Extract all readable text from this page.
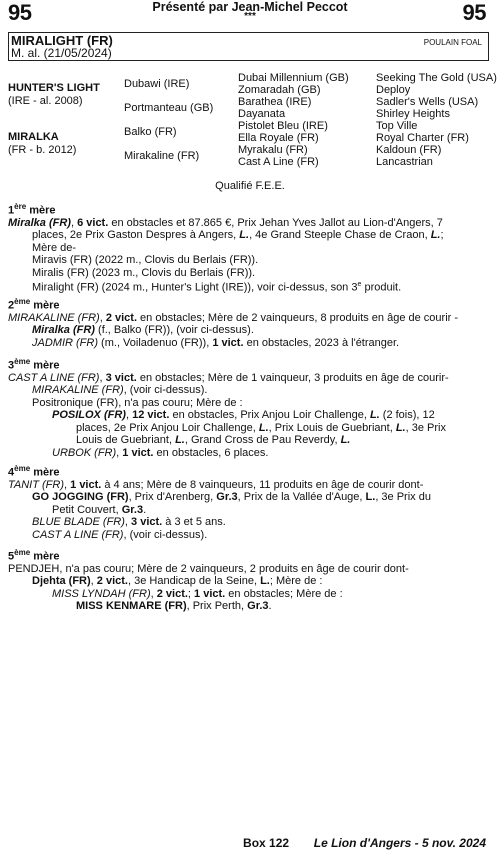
95	95
Présenté par Jean-Michel Peccot
***
MIRALIGHT (FR)
M. al. (21/05/2024)
POULAIN FOAL
HUNTER'S LIGHT
(IRE - al. 2008)
MIRALKA
(FR - b. 2012)
Dubawi (IRE)
Portmanteau (GB)
Balko (FR)
Mirakaline (FR)
Dubai Millennium (GB)
Zomaradah (GB)
Barathea (IRE)
Dayanata
Pistolet Bleu (IRE)
Ella Royale (FR)
Myrakalu (FR)
Cast A Line (FR)
Seeking The Gold (USA)
Deploy
Sadler's Wells (USA)
Shirley Heights
Top Ville
Royal Charter (FR)
Kaldoun (FR)
Lancastrian
Qualifié F.E.E.
1ère mère
Miralka (FR), 6 vict. en obstacles et 87.865 €, Prix Jehan Yves Jallot au Lion-d'Angers, 7
places, 2e Prix Gaston Despres à Angers, L., 4e Grand Steeple Chase de Craon, L.;
Mère de-
Miravis (FR) (2022 m., Clovis du Berlais (FR)).
Miralis (FR) (2023 m., Clovis du Berlais (FR)).
Miralight (FR) (2024 m., Hunter's Light (IRE)), voir ci-dessus, son 3e produit.
2ème mère
MIRAKALINE (FR), 2 vict. en obstacles; Mère de 2 vainqueurs, 8 produits en âge de courir -
Miralka (FR) (f., Balko (FR)), (voir ci-dessus).
JADMIR (FR) (m., Voiladenuo (FR)), 1 vict. en obstacles, 2023 à l'étranger.
3ème mère
CAST A LINE (FR), 3 vict. en obstacles; Mère de 1 vainqueur, 3 produits en âge de courir-
MIRAKALINE (FR), (voir ci-dessus).
Positronique (FR), n'a pas couru; Mère de :
POSILOX (FR), 12 vict. en obstacles, Prix Anjou Loir Challenge, L. (2 fois), 12
places, 2e Prix Anjou Loir Challenge, L., Prix Louis de Guebriant, L., 3e Prix
Louis de Guebriant, L., Grand Cross de Pau Reverdy, L.
URBOK (FR), 1 vict. en obstacles, 6 places.
4ème mère
TANIT (FR), 1 vict. à 4 ans; Mère de 8 vainqueurs, 11 produits en âge de courir dont-
GO JOGGING (FR), Prix d'Arenberg, Gr.3, Prix de la Vallée d'Auge, L., 3e Prix du
Petit Couvert, Gr.3.
BLUE BLADE (FR), 3 vict. à 3 et 5 ans.
CAST A LINE (FR), (voir ci-dessus).
5ème mère
PENDJEH, n'a pas couru; Mère de 2 vainqueurs, 2 produits en âge de courir dont-
Djehta (FR), 2 vict., 3e Handicap de la Seine, L.; Mère de :
MISS LYNDAH (FR), 2 vict.; 1 vict. en obstacles; Mère de :
MISS KENMARE (FR), Prix Perth, Gr.3.
Box 122 Le Lion d'Angers - 5 nov. 2024
